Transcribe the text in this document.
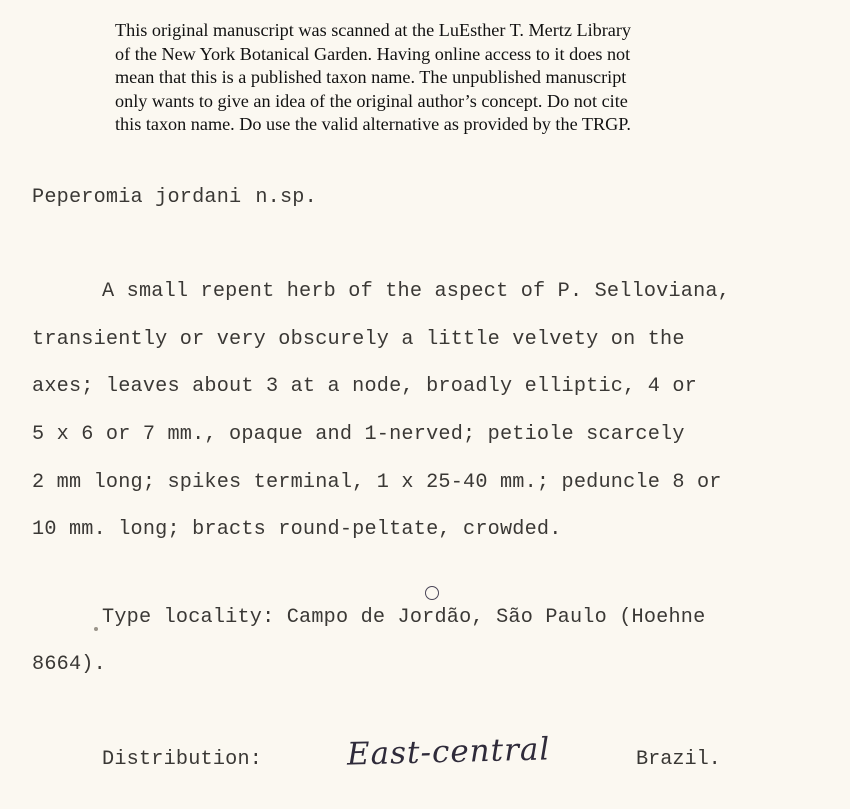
This original manuscript was scanned at the LuEsther T. Mertz Library
of the New York Botanical Garden. Having online access to it does not
mean that this is a published taxon name. The unpublished manuscript
only wants to give an idea of the original author’s concept. Do not cite
this taxon name. Do use the valid alternative as provided by the TRGP.
Peperomia jordani n.sp.
A small repent herb of the aspect of P. Selloviana,
transiently or very obscurely a little velvety on the
axes; leaves about 3 at a node, broadly elliptic, 4 or
5 x 6 or 7 mm., opaque and 1-nerved; petiole scarcely
2 mm long; spikes terminal, 1 x 25-40 mm.; peduncle 8 or
10 mm. long; bracts round-peltate, crowded.
Type locality: Campo de Jordão, São Paulo (Hoehne
8664).
Distribution:	East-central	Brazil.
